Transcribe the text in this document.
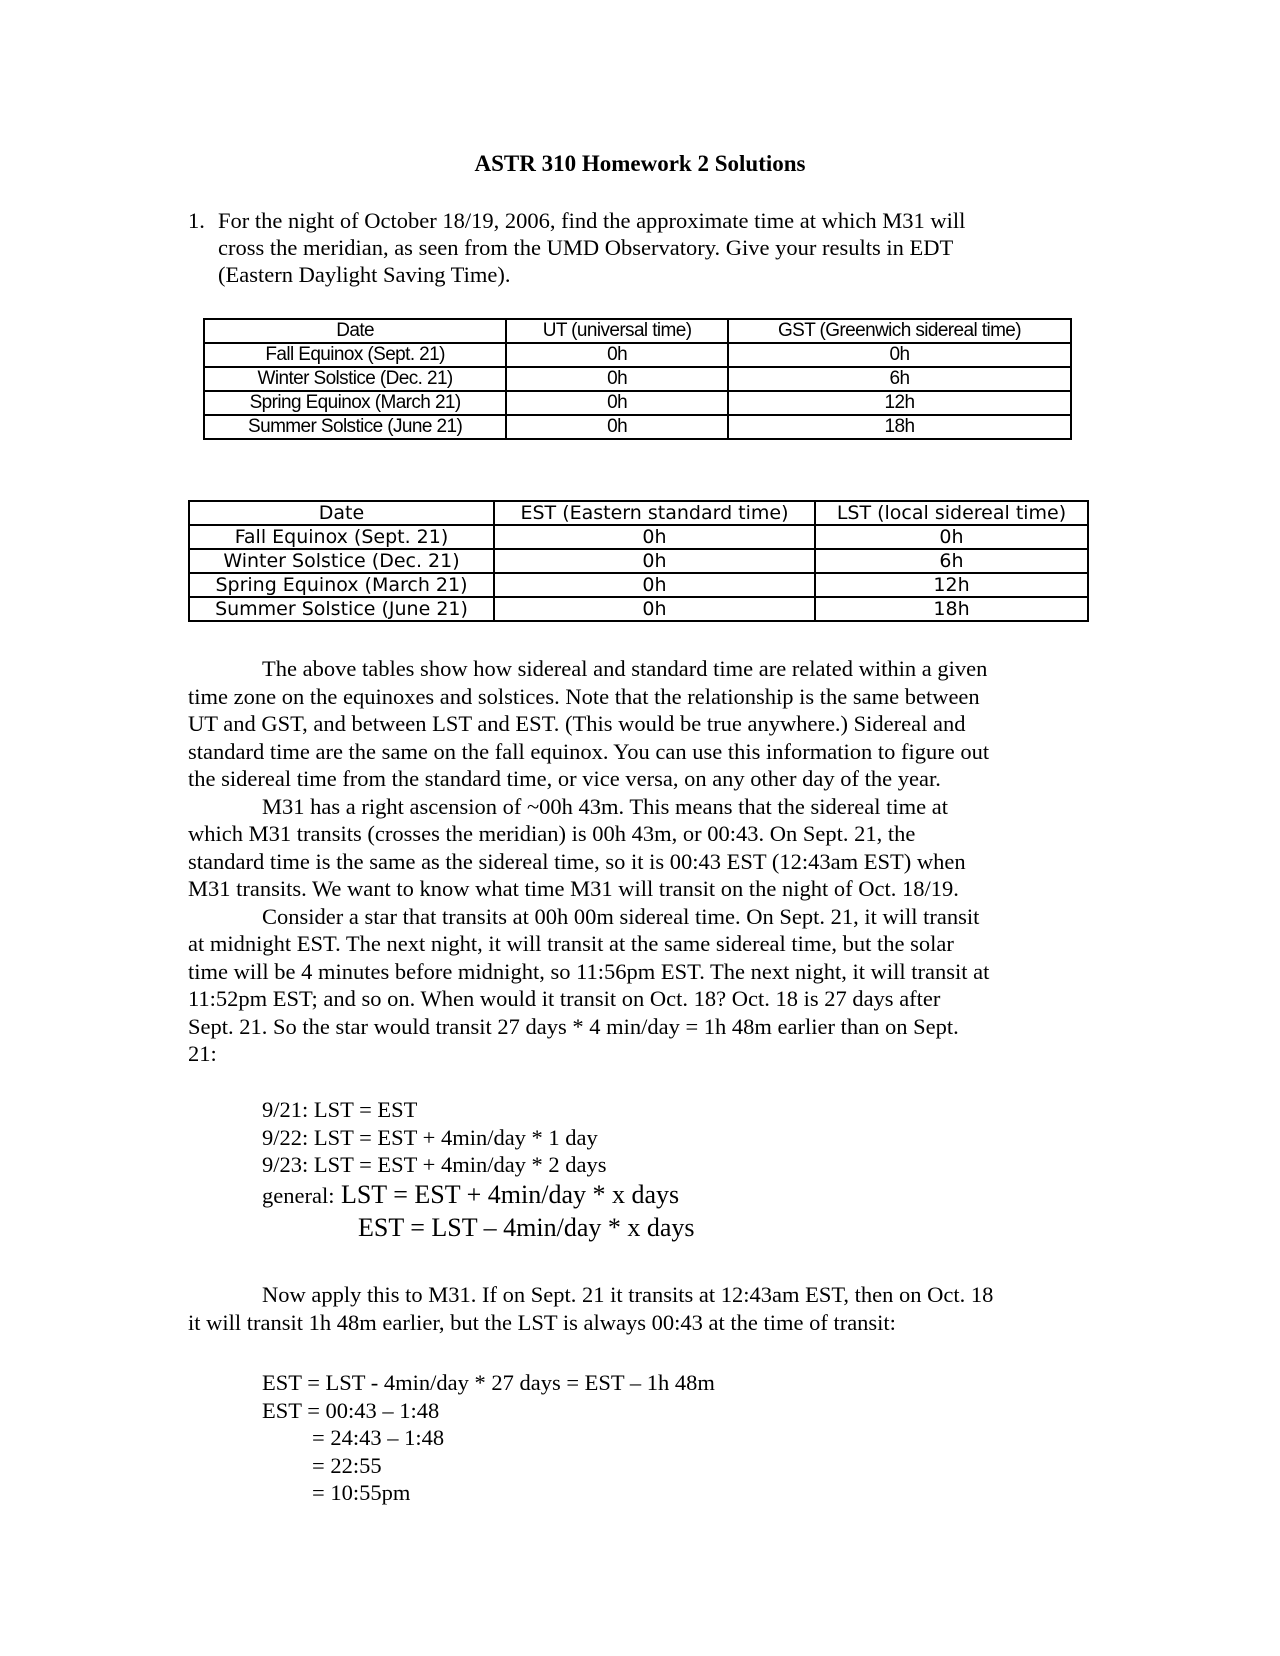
ASTR 310 Homework 2 Solutions
1. For the night of October 18/19, 2006, find the approximate time at which M31 will
cross the meridian, as seen from the UMD Observatory. Give your results in EDT
(Eastern Daylight Saving Time).
Date	UT (universal time)	GST (Greenwich sidereal time)
Fall Equinox (Sept. 21)	0h	0h
Winter Solstice (Dec. 21)	0h	6h
Spring Equinox (March 21)	0h	12h
Summer Solstice (June 21)	0h	18h
Date	EST (Eastern standard time)	LST (local sidereal time)
Fall Equinox (Sept. 21)	0h	0h
Winter Solstice (Dec. 21)	0h	6h
Spring Equinox (March 21)	0h	12h
Summer Solstice (June 21)	0h	18h
The above tables show how sidereal and standard time are related within a given
time zone on the equinoxes and solstices. Note that the relationship is the same between
UT and GST, and between LST and EST. (This would be true anywhere.) Sidereal and
standard time are the same on the fall equinox. You can use this information to figure out
the sidereal time from the standard time, or vice versa, on any other day of the year.
M31 has a right ascension of ~00h 43m. This means that the sidereal time at
which M31 transits (crosses the meridian) is 00h 43m, or 00:43. On Sept. 21, the
standard time is the same as the sidereal time, so it is 00:43 EST (12:43am EST) when
M31 transits. We want to know what time M31 will transit on the night of Oct. 18/19.
Consider a star that transits at 00h 00m sidereal time. On Sept. 21, it will transit
at midnight EST. The next night, it will transit at the same sidereal time, but the solar
time will be 4 minutes before midnight, so 11:56pm EST. The next night, it will transit at
11:52pm EST; and so on. When would it transit on Oct. 18? Oct. 18 is 27 days after
Sept. 21. So the star would transit 27 days * 4 min/day = 1h 48m earlier than on Sept.
21:
9/21: LST = EST
9/22: LST = EST + 4min/day * 1 day
9/23: LST = EST + 4min/day * 2 days
general: LST = EST + 4min/day * x days
EST = LST – 4min/day * x days
Now apply this to M31. If on Sept. 21 it transits at 12:43am EST, then on Oct. 18
it will transit 1h 48m earlier, but the LST is always 00:43 at the time of transit:
EST = LST - 4min/day * 27 days = EST – 1h 48m
EST = 00:43 – 1:48
= 24:43 – 1:48
= 22:55
= 10:55pm
